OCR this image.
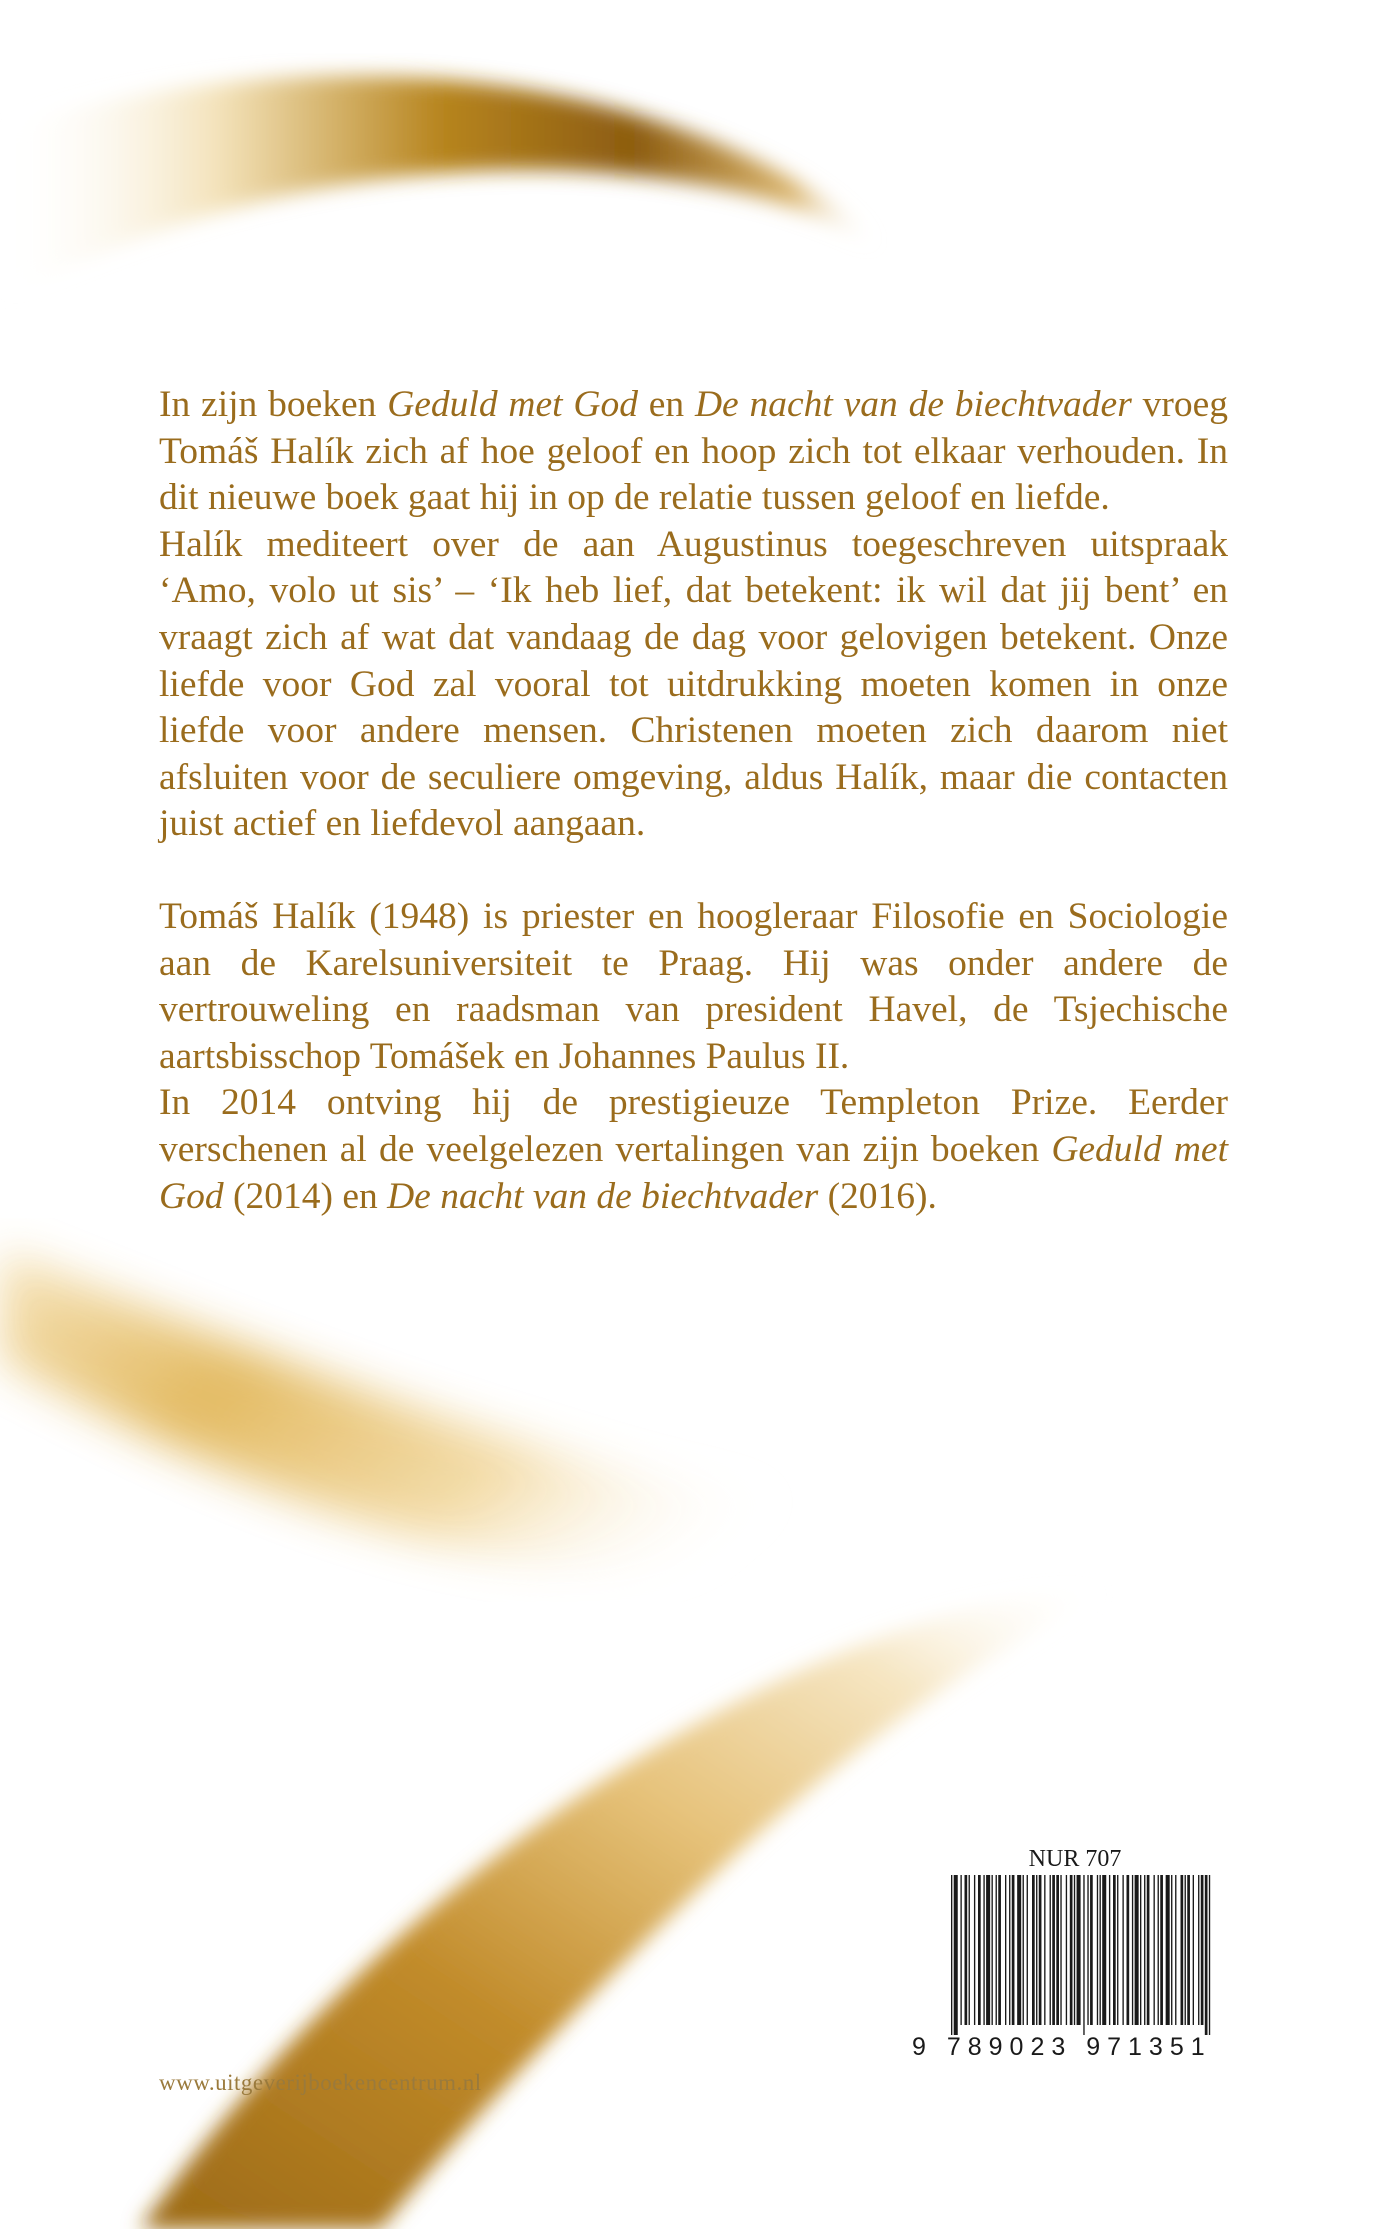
In zijn boeken Geduld met God en De nacht van de biechtvader vroeg Tomáš Halík zich af hoe geloof en hoop zich tot elkaar verhouden. In dit nieuwe boek gaat hij in op de relatie tussen geloof en liefde.

Halík mediteert over de aan Augustinus toegeschreven uitspraak ‘Amo, volo ut sis’ – ‘Ik heb lief, dat betekent: ik wil dat jij bent’ en vraagt zich af wat dat vandaag de dag voor gelovigen betekent. Onze liefde voor God zal vooral tot uitdrukking moeten komen in onze liefde voor andere mensen. Christenen moeten zich daarom niet afsluiten voor de seculiere omgeving, aldus Halík, maar die contacten juist actief en liefdevol aangaan.

Tomáš Halík (1948) is priester en hoogleraar Filosofie en Sociologie aan de Karelsuniversiteit te Praag. Hij was onder andere de vertrouweling en raadsman van president Havel, de Tsjechische aartsbisschop Tomášek en Johannes Paulus II.

In 2014 ontving hij de prestigieuze Templeton Prize. Eerder verschenen al de veelgelezen vertalingen van zijn boeken Geduld met God (2014) en De nacht van de biechtvader (2016).

NUR 707
9 789023 971351
www.uitgeverijboekencentrum.nl
